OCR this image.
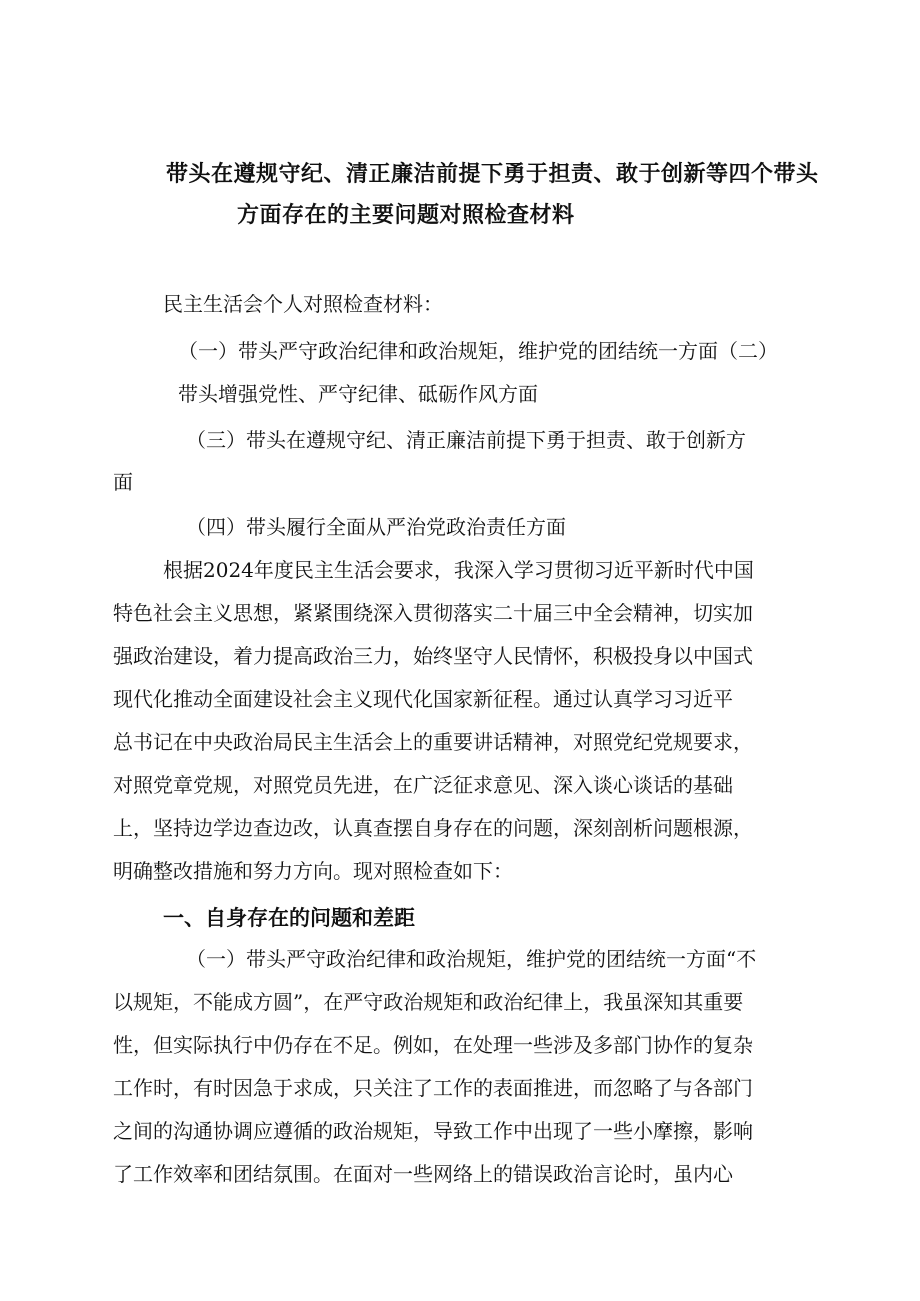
带头在遵规守纪、清正廉洁前提下勇于担责、敢于创新等四个带头
方面存在的主要问题对照检查材料
民主生活会个人对照检查材料：
（一）带头严守政治纪律和政治规矩，维护党的团结统一方面（二）
带头增强党性、严守纪律、砥砺作风方面
（三）带头在遵规守纪、清正廉洁前提下勇于担责、敢于创新方
面
（四）带头履行全面从严治党政治责任方面
根据2024年度民主生活会要求，我深入学习贯彻习近平新时代中国
特色社会主义思想，紧紧围绕深入贯彻落实二十届三中全会精神，切实加
强政治建设，着力提高政治三力，始终坚守人民情怀，积极投身以中国式
现代化推动全面建设社会主义现代化国家新征程。通过认真学习习近平
总书记在中央政治局民主生活会上的重要讲话精神，对照党纪党规要求，
对照党章党规，对照党员先进，在广泛征求意见、深入谈心谈话的基础
上，坚持边学边查边改，认真查摆自身存在的问题，深刻剖析问题根源，
明确整改措施和努力方向。现对照检查如下：
一、自身存在的问题和差距
（一）带头严守政治纪律和政治规矩，维护党的团结统一方面“不
以规矩，不能成方圆”，在严守政治规矩和政治纪律上，我虽深知其重要
性，但实际执行中仍存在不足。例如，在处理一些涉及多部门协作的复杂
工作时，有时因急于求成，只关注了工作的表面推进，而忽略了与各部门
之间的沟通协调应遵循的政治规矩，导致工作中出现了一些小摩擦，影响
了工作效率和团结氛围。在面对一些网络上的错误政治言论时，虽内心
